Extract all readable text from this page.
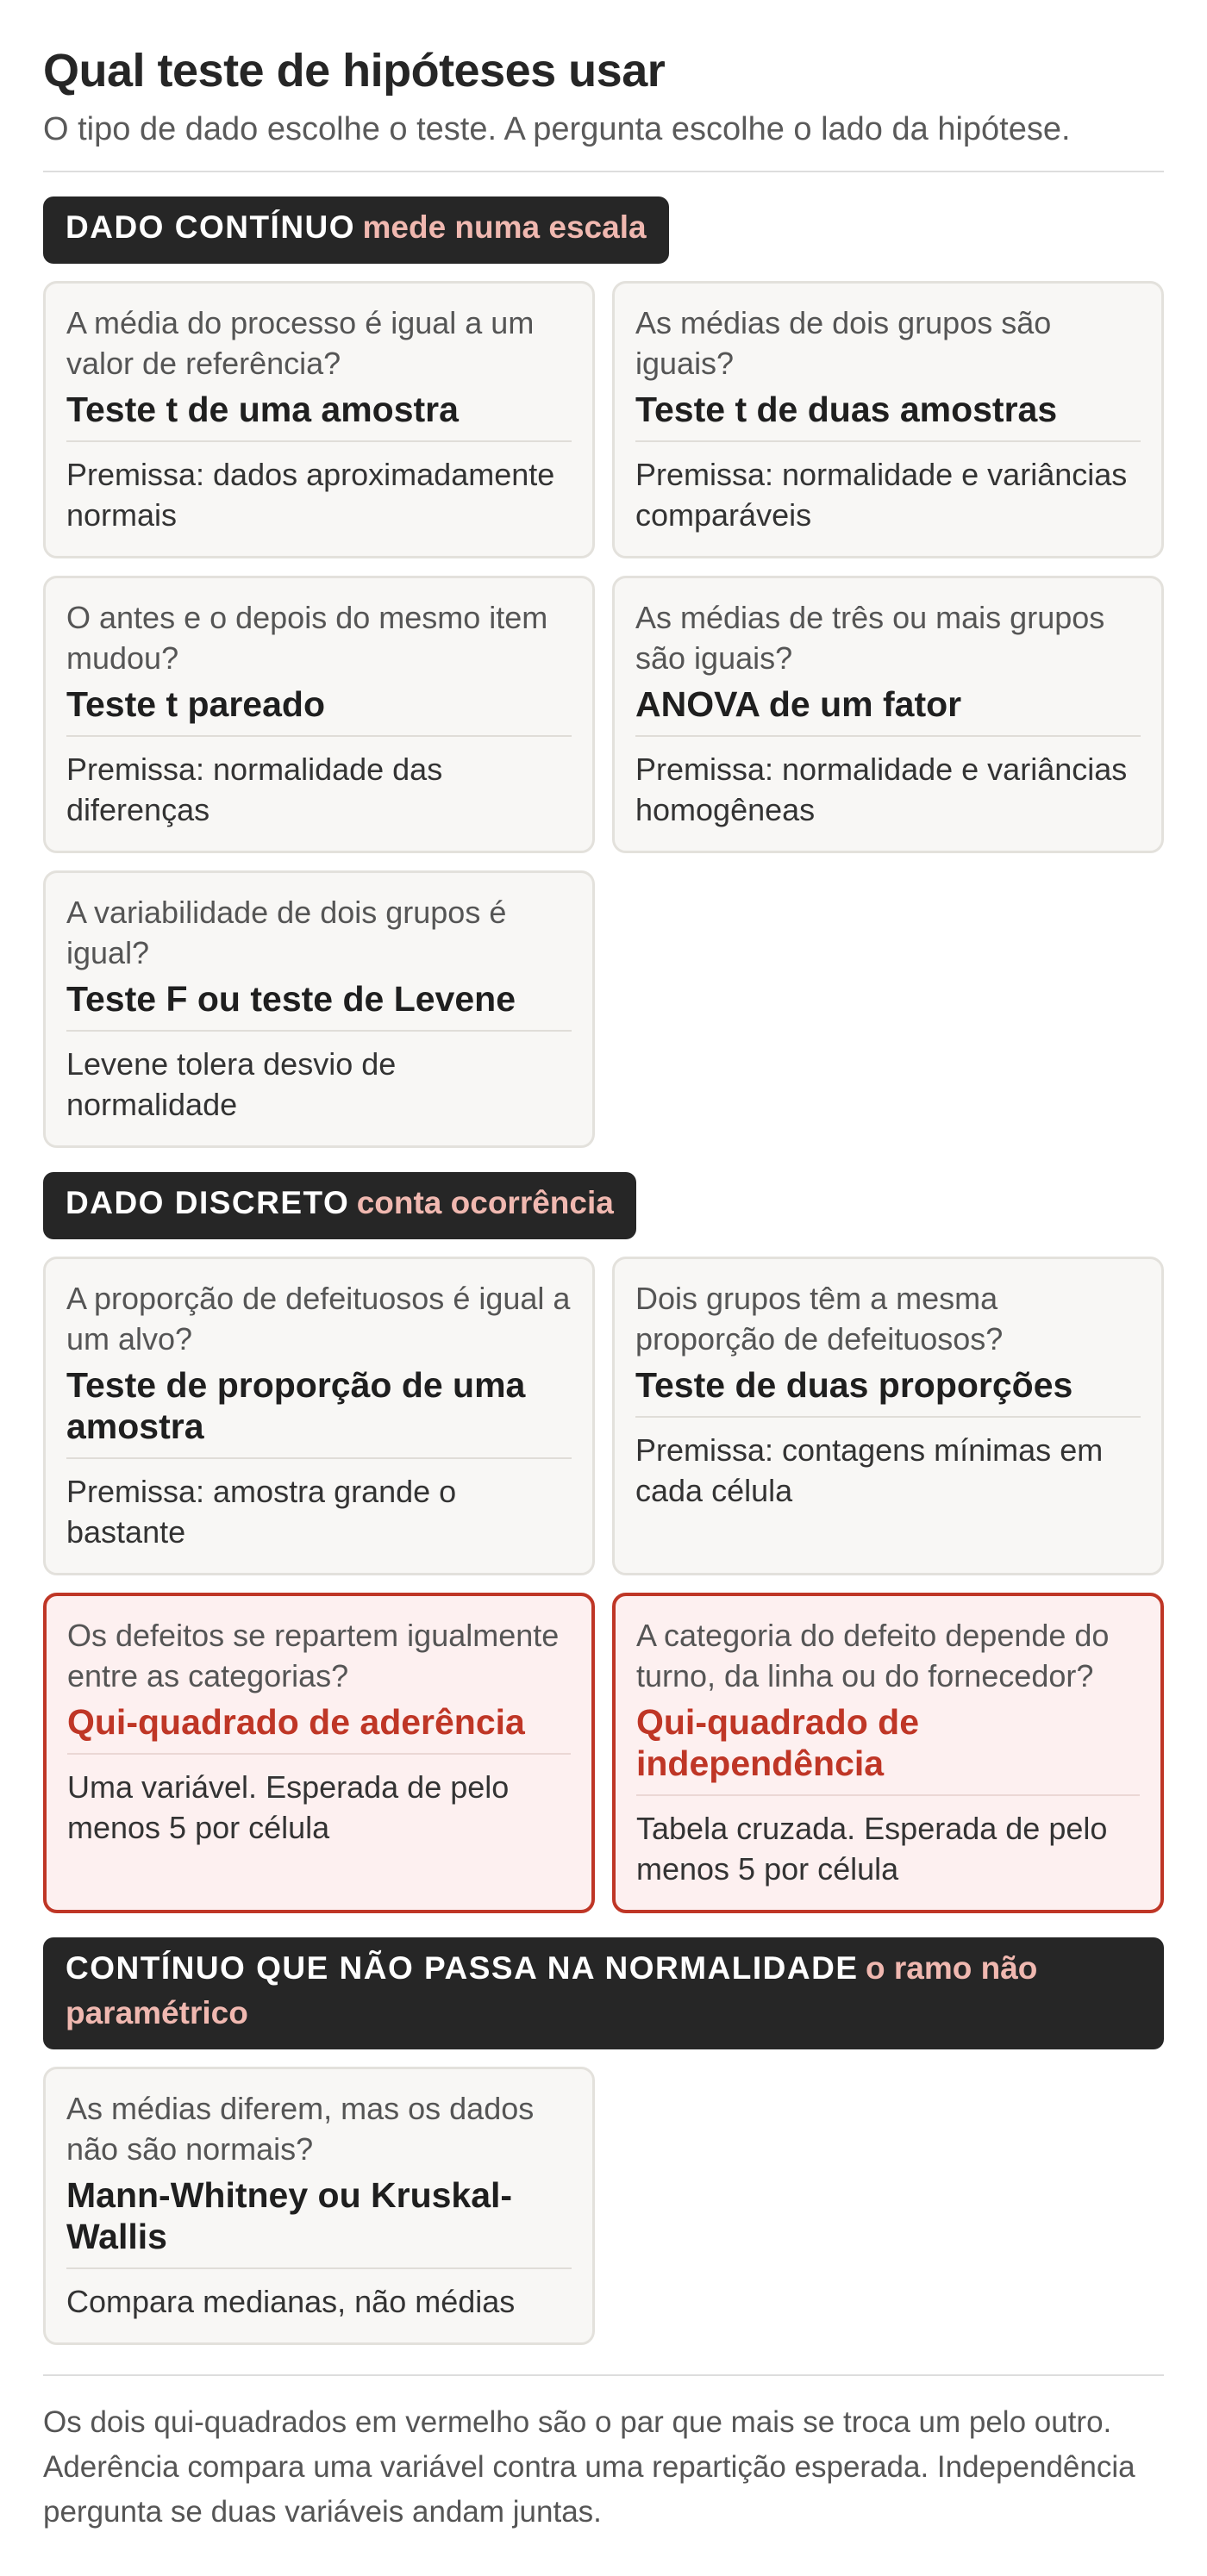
Qual teste de hipóteses usar

O tipo de dado escolhe o teste. A pergunta escolhe o lado da hipótese.

DADO CONTÍNUO mede numa escala
A média do processo é igual a um valor de referência?
Teste t de uma amostra
Premissa: dados aproximadamente normais
As médias de dois grupos são iguais?
Teste t de duas amostras
Premissa: normalidade e variâncias comparáveis
O antes e o depois do mesmo item mudou?
Teste t pareado
Premissa: normalidade das diferenças
As médias de três ou mais grupos são iguais?
ANOVA de um fator
Premissa: normalidade e variâncias homogêneas
A variabilidade de dois grupos é igual?
Teste F ou teste de Levene
Levene tolera desvio de normalidade
DADO DISCRETO conta ocorrência
A proporção de defeituosos é igual a um alvo?
Teste de proporção de uma amostra
Premissa: amostra grande o bastante
Dois grupos têm a mesma proporção de defeituosos?
Teste de duas proporções
Premissa: contagens mínimas em cada célula
Os defeitos se repartem igualmente entre as categorias?
Qui-quadrado de aderência
Uma variável. Esperada de pelo menos 5 por célula
A categoria do defeito depende do turno, da linha ou do fornecedor?
Qui-quadrado de independência
Tabela cruzada. Esperada de pelo menos 5 por célula
CONTÍNUO QUE NÃO PASSA NA NORMALIDADE o ramo não paramétrico
As médias diferem, mas os dados não são normais?
Mann-Whitney ou Kruskal-Wallis
Compara medianas, não médias

Os dois qui-quadrados em vermelho são o par que mais se troca um pelo outro. Aderência compara uma variável contra uma repartição esperada. Independência pergunta se duas variáveis andam juntas.
